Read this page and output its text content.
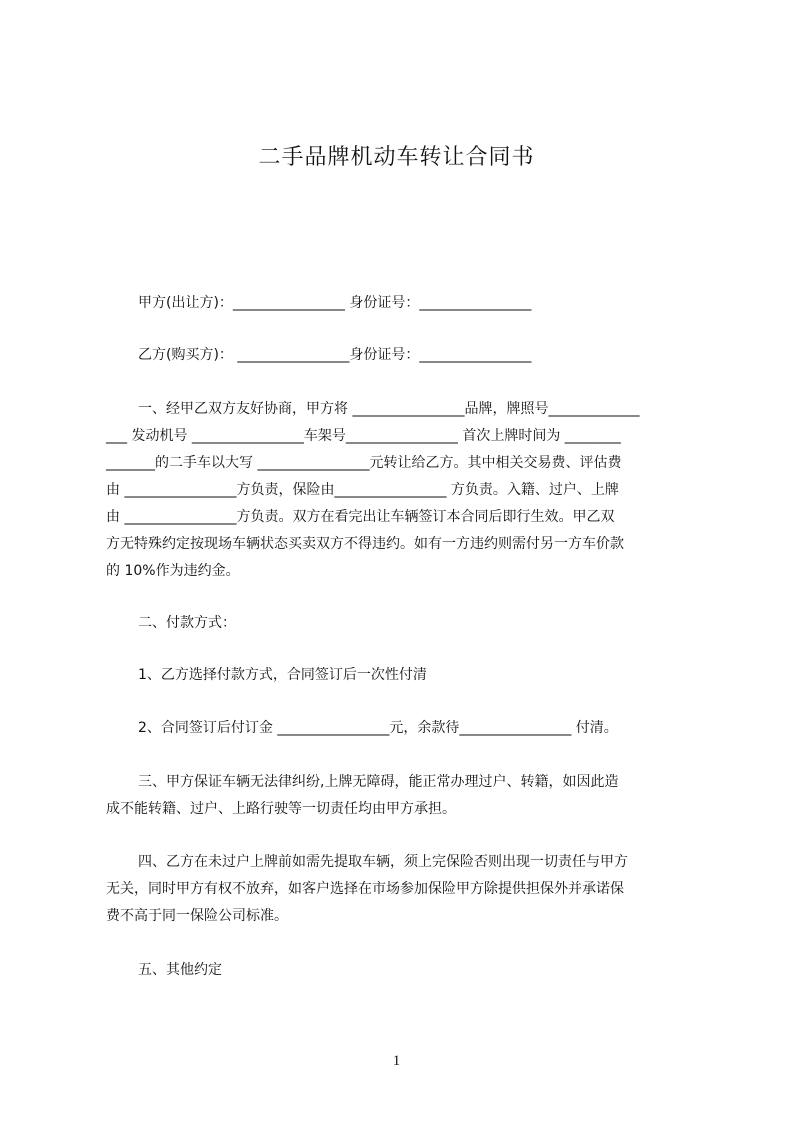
二手品牌机动车转让合同书
甲方(出让方)：________________ 身份证号：________________
乙方(购买方)： ________________身份证号：________________
一、经甲乙双方友好协商，甲方将 ________________品牌，牌照号_____________
___ 发动机号 ________________车架号________________ 首次上牌时间为 ________
_______的二手车以大写 ________________元转让给乙方。其中相关交易费、评估费
由 ________________方负责，保险由________________ 方负责。入籍、过户、上牌
由 ________________方负责。双方在看完出让车辆签订本合同后即行生效。甲乙双
方无特殊约定按现场车辆状态买卖双方不得违约。如有一方违约则需付另一方车价款
的 10%作为违约金。
二、付款方式：
1、乙方选择付款方式，合同签订后一次性付清
2、合同签订后付订金 ________________元，余款待________________ 付清。
三、甲方保证车辆无法律纠纷,上牌无障碍，能正常办理过户、转籍，如因此造
成不能转籍、过户、上路行驶等一切责任均由甲方承担。
四、乙方在未过户上牌前如需先提取车辆，须上完保险否则出现一切责任与甲方
无关，同时甲方有权不放弃，如客户选择在市场参加保险甲方除提供担保外并承诺保
费不高于同一保险公司标准。
五、其他约定
1
